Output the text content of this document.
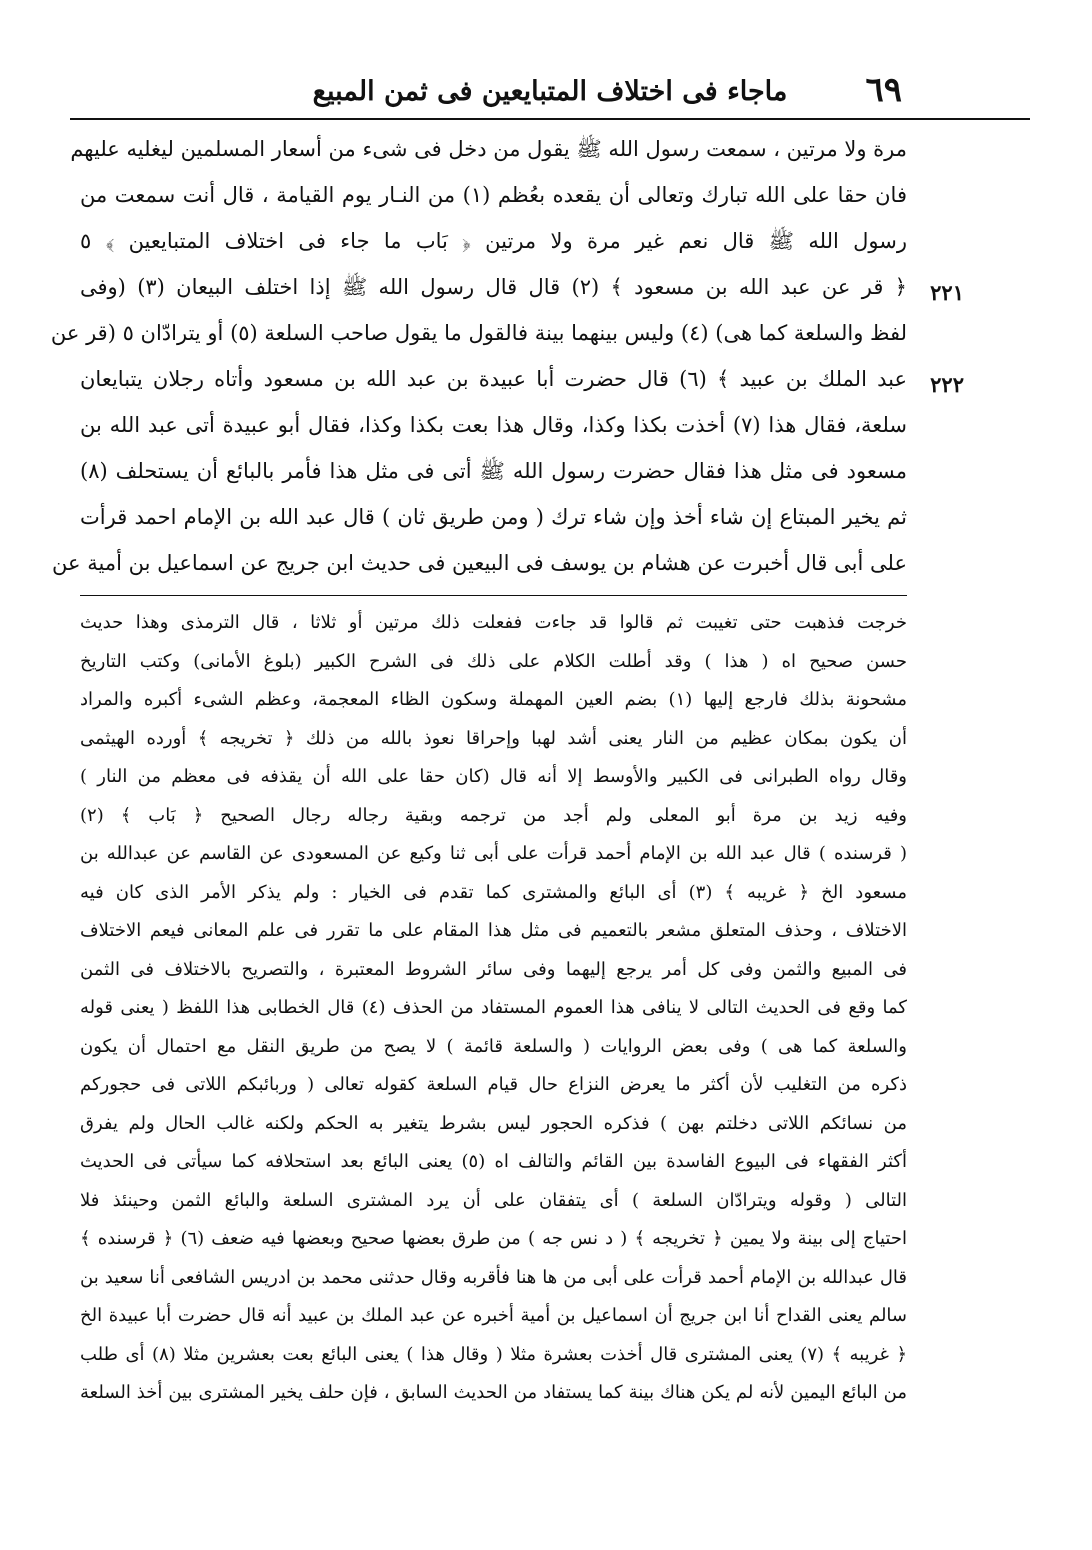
٦٩
ماجاء فى اختلاف المتبايعين فى ثمن المبيع
٢٢١
٢٢٢
مرة ولا مرتين ، سمعت رسول الله ﷺ يقول من دخل فى شىء من أسعار المسلمين ليغليه عليهم
فان حقا على الله تبارك وتعالى أن يقعده بعُظم (١) من النـار يوم القيامة ، قال أنت سمعت من
رسول الله ﷺ قال نعم غير مرة ولا مرتين ﴿ بَاب ما جاء فى اختلاف المتبايعين ﴾ ٥
﴿ قر عن عبد الله بن مسعود ﴾ (٢) قال قال رسول الله ﷺ إذا اختلف البيعان (٣) (وفى
لفظ والسلعة كما هى) (٤) وليس بينهما بينة فالقول ما يقول صاحب السلعة (٥) أو يترادّان ٥ (قر عن
عبد الملك بن عبيد ﴾ (٦) قال حضرت أبا عبيدة بن عبد الله بن مسعود وأتاه رجلان يتبايعان
سلعة، فقال هذا (٧) أخذت بكذا وكذا، وقال هذا بعت بكذا وكذا، فقال أبو عبيدة أتى عبد الله بن
مسعود فى مثل هذا فقال حضرت رسول الله ﷺ أتى فى مثل هذا فأمر بالبائع أن يستحلف (٨)
ثم يخير المبتاع إن شاء أخذ وإن شاء ترك ( ومن طريق ثان ) قال عبد الله بن الإمام احمد قرأت
على أبى قال أخبرت عن هشام بن يوسف فى البيعين فى حديث ابن جريج عن اسماعيل بن أمية عن
خرجت فذهبت حتى تغيبت ثم قالوا قد جاءت ففعلت ذلك مرتين أو ثلاثا ، قال الترمذى وهذا حديث
حسن صحيح اه ( هذا ) وقد أطلت الكلام على ذلك فى الشرح الكبير (بلوغ الأمانى) وكتب التاريخ
مشحونة بذلك فارجع إليها (١) بضم العين المهملة وسكون الظاء المعجمة، وعظم الشىء أكبره والمراد
أن يكون بمكان عظيم من النار يعنى أشد لهبا وإحراقا نعوذ بالله من ذلك ﴿ تخريجه ﴾ أورده الهيثمى
وقال رواه الطبرانى فى الكبير والأوسط إلا أنه قال (كان حقا على الله أن يقذفه فى معظم من النار )
وفيه زيد بن مرة أبو المعلى ولم أجد من ترجمه وبقية رجاله رجال الصحيح ﴿ بَاب ﴾ (٢)
( قرسنده ) قال عبد الله بن الإمام أحمد قرأت على أبى ثنا وكيع عن المسعودى عن القاسم عن عبدالله بن
مسعود الخ ﴿ غريبه ﴾ (٣) أى البائع والمشترى كما تقدم فى الخيار : ولم يذكر الأمر الذى كان فيه
الاختلاف ، وحذف المتعلق مشعر بالتعميم فى مثل هذا المقام على ما تقرر فى علم المعانى فيعم الاختلاف
فى المبيع والثمن وفى كل أمر يرجع إليهما وفى سائر الشروط المعتبرة ، والتصريح بالاختلاف فى الثمن
كما وقع فى الحديث التالى لا ينافى هذا العموم المستفاد من الحذف (٤) قال الخطابى هذا اللفظ ( يعنى قوله
والسلعة كما هى ) وفى بعض الروايات ( والسلعة قائمة ) لا يصح من طريق النقل مع احتمال أن يكون
ذكره من التغليب لأن أكثر ما يعرض النزاع حال قيام السلعة كقوله تعالى ( وربائبكم اللاتى فى حجوركم
من نسائكم اللاتى دخلتم بهن ) فذكره الحجور ليس بشرط يتغير به الحكم ولكنه غالب الحال ولم يفرق
أكثر الفقهاء فى البيوع الفاسدة بين القائم والتالف اه (٥) يعنى البائع بعد استحلافه كما سيأتى فى الحديث
التالى ( وقوله ويترادّان السلعة ) أى يتفقان على أن يرد المشترى السلعة والبائع الثمن وحينئذ فلا
احتياج إلى بينة ولا يمين ﴿ تخريجه ﴾ ( د نس جه ) من طرق بعضها صحيح وبعضها فيه ضعف (٦) ﴿ قرسنده ﴾
قال عبدالله بن الإمام أحمد قرأت على أبى من ها هنا فأقربه وقال حدثنى محمد بن ادريس الشافعى أنا سعيد بن
سالم يعنى القداح أنا ابن جريج أن اسماعيل بن أمية أخبره عن عبد الملك بن عبيد أنه قال حضرت أبا عبيدة الخ
﴿ غريبه ﴾ (٧) يعنى المشترى قال أخذت بعشرة مثلا ( وقال هذا ) يعنى البائع بعت بعشرين مثلا (٨) أى طلب
من البائع اليمين لأنه لم يكن هناك بينة كما يستفاد من الحديث السابق ، فإن حلف يخير المشترى بين أخذ السلعة
